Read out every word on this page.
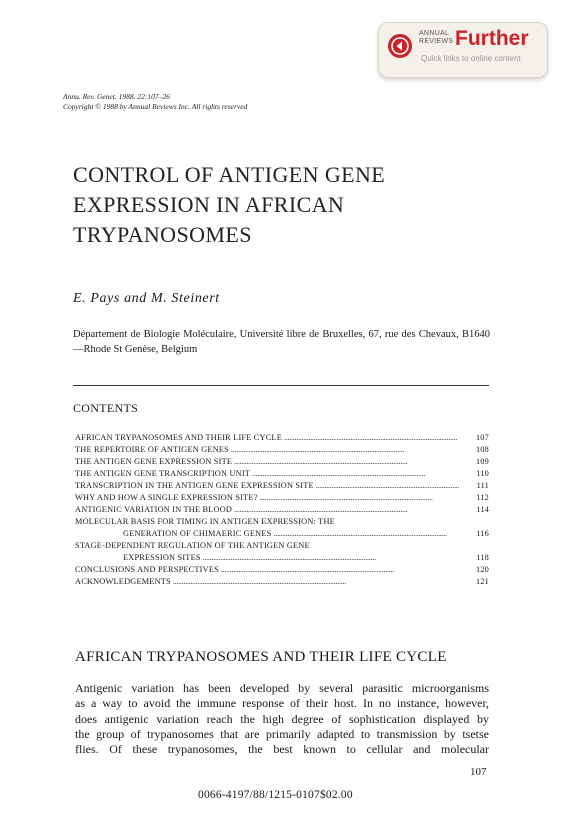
ANNUAL
REVIEWS Further
Quick links to online content
Annu. Rev. Genet. 1988. 22:107–26
Copyright © 1988 by Annual Reviews Inc. All rights reserved
CONTROL OF ANTIGEN GENE
EXPRESSION IN AFRICAN
TRYPANOSOMES
E. Pays and M. Steinert
Département de Biologie Moléculaire, Université libre de Bruxelles, 67, rue des Chevaux, B1640—Rhode St Genèse, Belgium
CONTENTS
AFRICAN TRYPANOSOMES AND THEIR LIFE CYCLE . . .	107
THE REPERTOIRE OF ANTIGEN GENES . . .	108
THE ANTIGEN GENE EXPRESSION SITE . . .	109
THE ANTIGEN GENE TRANSCRIPTION UNIT . . .	110
TRANSCRIPTION IN THE ANTIGEN GENE EXPRESSION SITE . . .	111
WHY AND HOW A SINGLE EXPRESSION SITE? . . .	112
ANTIGENIC VARIATION IN THE BLOOD . . .	114
MOLECULAR BASIS FOR TIMING IN ANTIGEN EXPRESSION: THE
GENERATION OF CHIMAERIC GENES . . .	116
STAGE-DEPENDENT REGULATION OF THE ANTIGEN GENE
EXPRESSION SITES . . .	118
CONCLUSIONS AND PERSPECTIVES . . .	120
ACKNOWLEDGEMENTS . . .	121
AFRICAN TRYPANOSOMES AND THEIR LIFE CYCLE
Antigenic variation has been developed by several parasitic microorganisms
as a way to avoid the immune response of their host. In no instance, however,
does antigenic variation reach the high degree of sophistication displayed by
the group of trypanosomes that are primarily adapted to transmission by tsetse
flies. Of these trypanosomes, the best known to cellular and molecular
107
0066-4197/88/1215-0107$02.00
